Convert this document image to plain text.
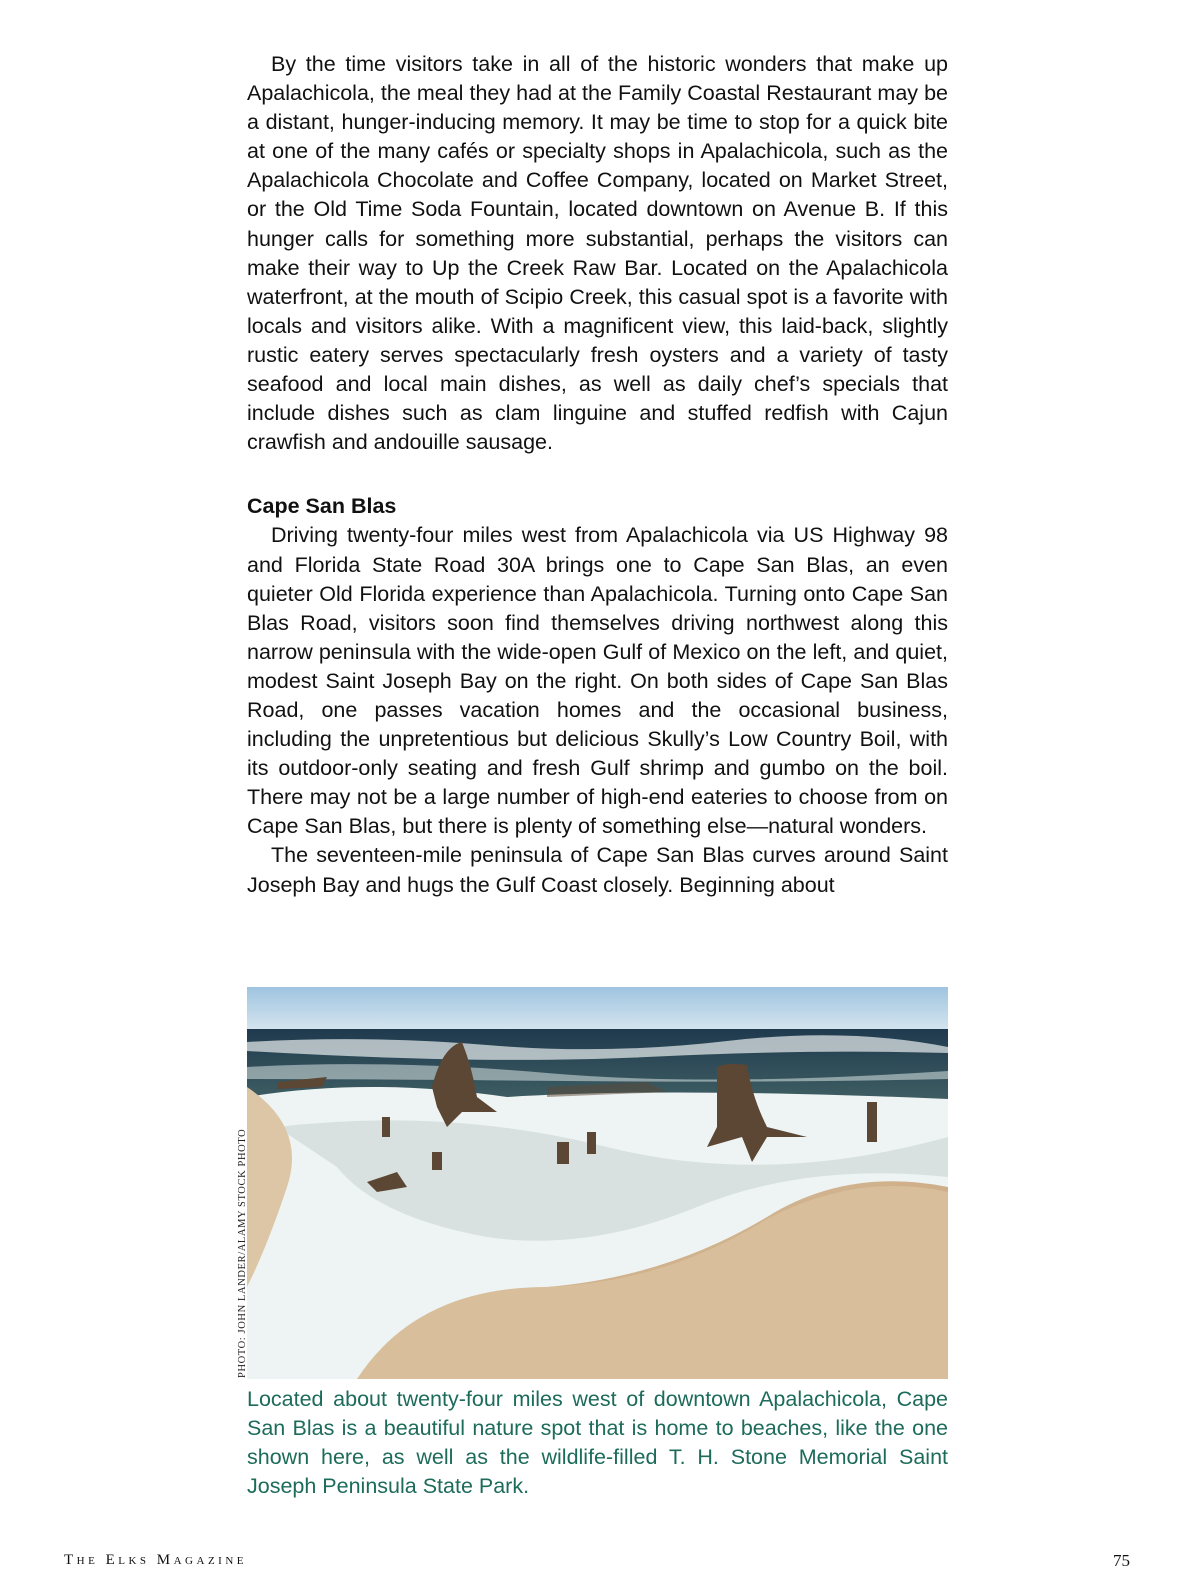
By the time visitors take in all of the historic wonders that make up Apalachicola, the meal they had at the Family Coastal Restaurant may be a distant, hunger-inducing memory. It may be time to stop for a quick bite at one of the many cafés or specialty shops in Apalachicola, such as the Apalachicola Chocolate and Coffee Company, located on Market Street, or the Old Time Soda Fountain, located downtown on Avenue B. If this hunger calls for something more substantial, perhaps the visitors can make their way to Up the Creek Raw Bar. Located on the Apalachicola waterfront, at the mouth of Scipio Creek, this casual spot is a favorite with locals and visitors alike. With a magnificent view, this laid-back, slightly rustic eatery serves spectacularly fresh oysters and a variety of tasty seafood and local main dishes, as well as daily chef’s specials that include dishes such as clam linguine and stuffed redfish with Cajun crawfish and andouille sausage.

Cape San Blas

Driving twenty-four miles west from Apalachicola via US Highway 98 and Florida State Road 30A brings one to Cape San Blas, an even quieter Old Florida experience than Apalachicola. Turning onto Cape San Blas Road, visitors soon find themselves driving northwest along this narrow peninsula with the wide-open Gulf of Mexico on the left, and quiet, modest Saint Joseph Bay on the right. On both sides of Cape San Blas Road, one passes vacation homes and the occasional business, including the unpretentious but delicious Skully’s Low Country Boil, with its outdoor-only seating and fresh Gulf shrimp and gumbo on the boil. There may not be a large number of high-end eateries to choose from on Cape San Blas, but there is plenty of something else—natural wonders.

The seventeen-mile peninsula of Cape San Blas curves around Saint Joseph Bay and hugs the Gulf Coast closely. Beginning about

PHOTO: JOHN LANDER/ALAMY STOCK PHOTO

Located about twenty-four miles west of downtown Apalachicola, Cape San Blas is a beautiful nature spot that is home to beaches, like the one shown here, as well as the wildlife-filled T. H. Stone Memorial Saint Joseph Peninsula State Park.

The Elks Magazine	75
